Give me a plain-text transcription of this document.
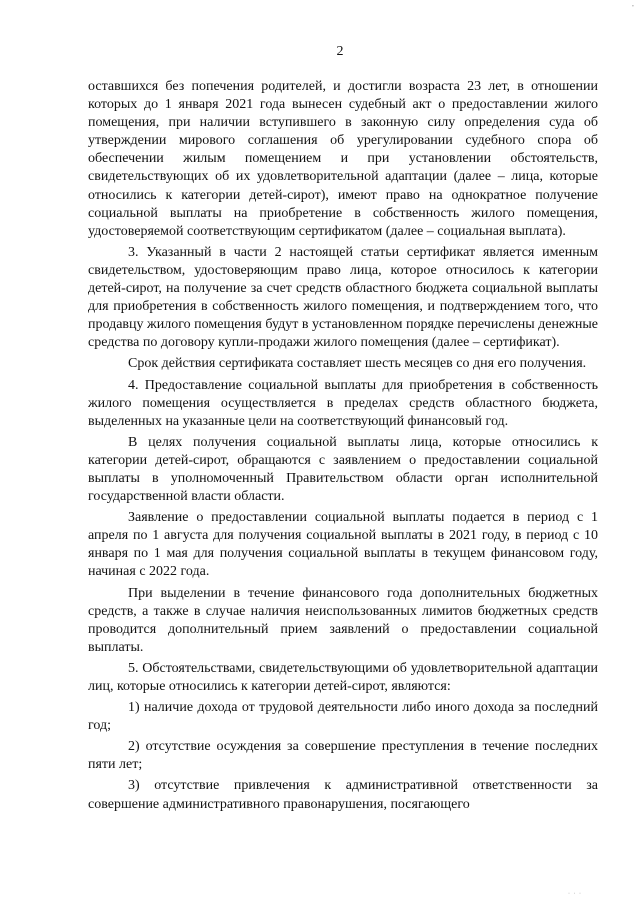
•
2

оставшихся без попечения родителей, и достигли возраста 23 лет, в отношении которых до 1 января 2021 года вынесен судебный акт о предоставлении жилого помещения, при наличии вступившего в законную силу определения суда об утверждении мирового соглашения об урегулировании судебного спора об обеспечении жилым помещением и при установлении обстоятельств, свидетельствующих об их удовлетворительной адаптации (далее – лица, которые относились к категории детей-сирот), имеют право на однократное получение социальной выплаты на приобретение в собственность жилого помещения, удостоверяемой соответствующим сертификатом (далее – социальная выплата).

3. Указанный в части 2 настоящей статьи сертификат является именным свидетельством, удостоверяющим право лица, которое относилось к категории детей-сирот, на получение за счет средств областного бюджета социальной выплаты для приобретения в собственность жилого помещения, и подтверждением того, что продавцу жилого помещения будут в установленном порядке перечислены денежные средства по договору купли-продажи жилого помещения (далее – сертификат).

Срок действия сертификата составляет шесть месяцев со дня его получения.

4. Предоставление социальной выплаты для приобретения в собственность жилого помещения осуществляется в пределах средств областного бюджета, выделенных на указанные цели на соответствующий финансовый год.

В целях получения социальной выплаты лица, которые относились к категории детей-сирот, обращаются с заявлением о предоставлении социальной выплаты в уполномоченный Правительством области орган исполнительной государственной власти области.

Заявление о предоставлении социальной выплаты подается в период с 1 апреля по 1 августа для получения социальной выплаты в 2021 году, в период с 10 января по 1 мая для получения социальной выплаты в текущем финансовом году, начиная с 2022 года.

При выделении в течение финансового года дополнительных бюджетных средств, а также в случае наличия неиспользованных лимитов бюджетных средств проводится дополнительный прием заявлений о предоставлении социальной выплаты.

5. Обстоятельствами, свидетельствующими об удовлетворительной адаптации лиц, которые относились к категории детей-сирот, являются:

1) наличие дохода от трудовой деятельности либо иного дохода за последний год;

2) отсутствие осуждения за совершение преступления в течение последних пяти лет;

3) отсутствие привлечения к административной ответственности за совершение административного правонарушения, посягающего

· · ·
